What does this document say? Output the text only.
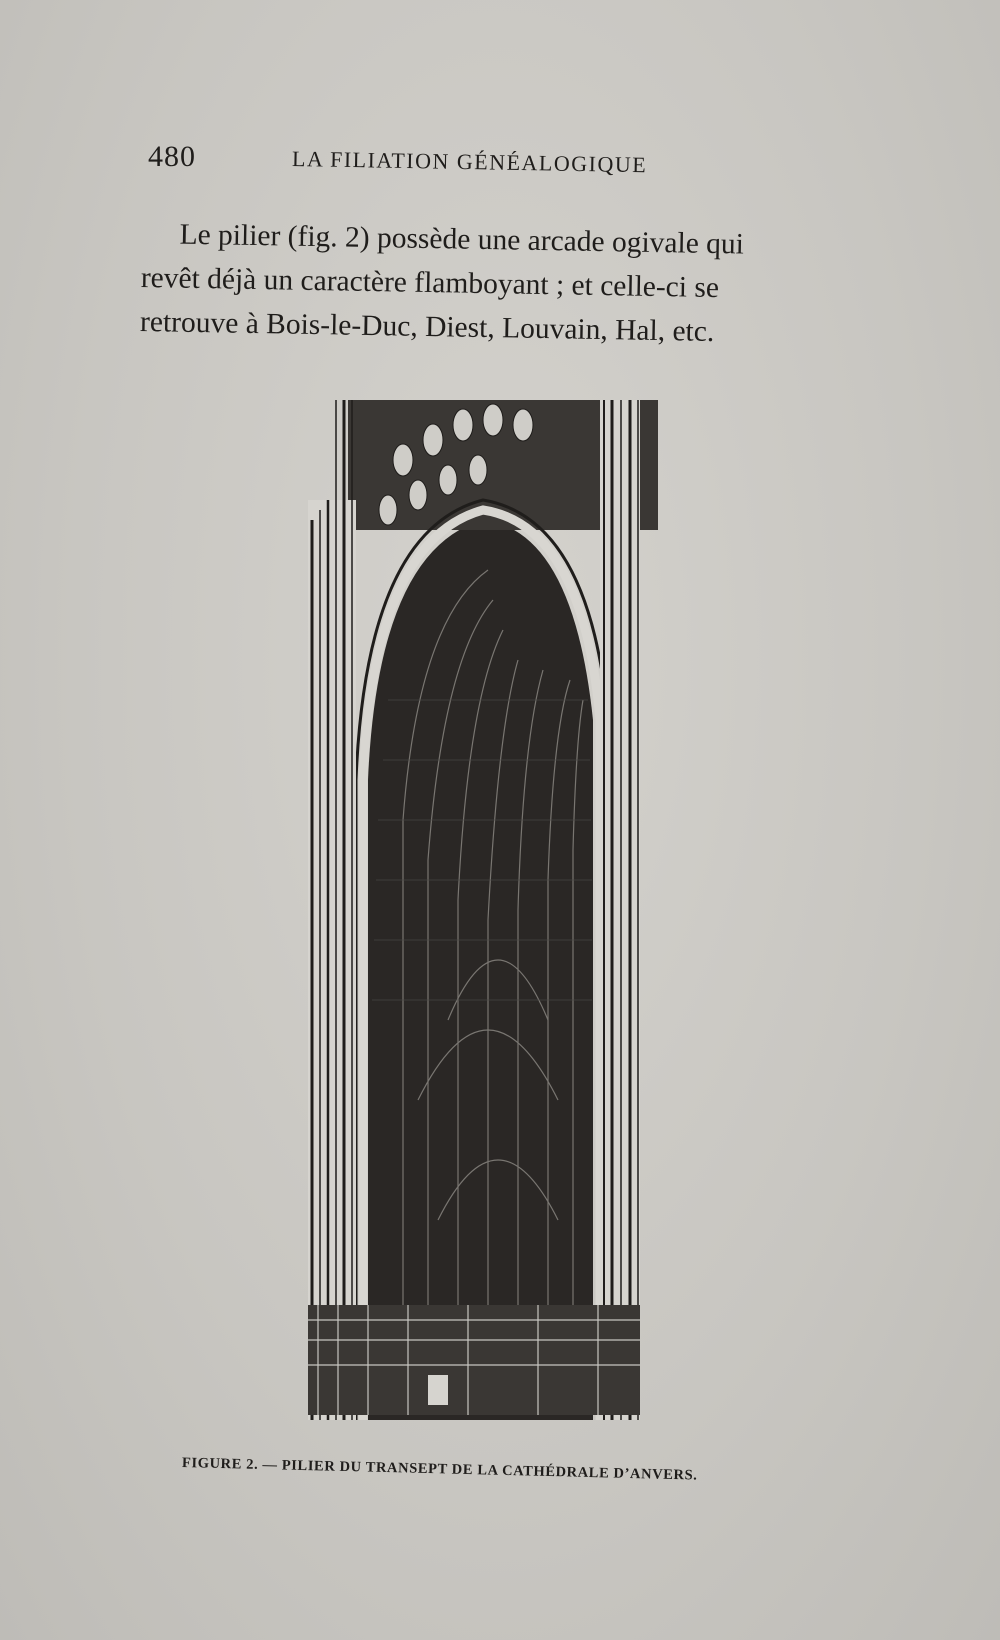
480	LA FILIATION GÉNÉALOGIQUE
Le pilier (fig. 2) possède une arcade ogivale qui
revêt déjà un caractère flamboyant ; et celle-ci se
retrouve à Bois-le-Duc, Diest, Louvain, Hal, etc.
FIGURE 2. — PILIER DU TRANSEPT DE LA CATHÉDRALE D’ANVERS.
